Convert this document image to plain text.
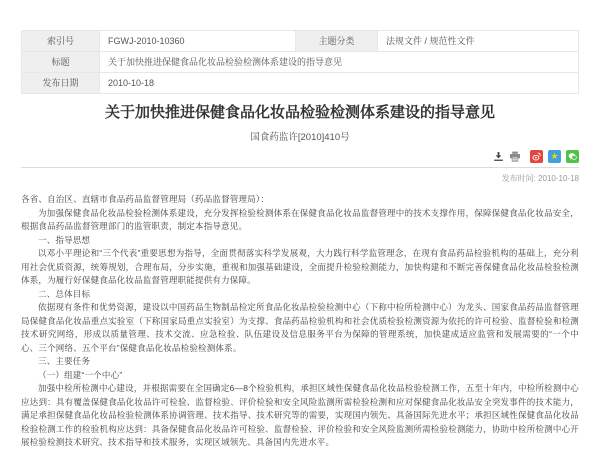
索引号	FGWJ-2010-10360	主题分类	法规文件 / 规范性文件
标题	关于加快推进保健食品化妆品检验检测体系建设的指导意见		
发布日期	2010-10-18		
关于加快推进保健食品化妆品检验检测体系建设的指导意见
国食药监许[2010]410号
★
发布时间: 2010-10-18

各省、自治区、直辖市食品药品监督管理局（药品监督管理局）：

为加强保健食品化妆品检验检测体系建设，充分发挥检验检测体系在保健食品化妆品监督管理中的技术支撑作用，保障保健食品化妆品安全，根据食品药品监督管理部门的监管职责，制定本指导意见。

一、指导思想

以邓小平理论和“三个代表”重要思想为指导，全面贯彻落实科学发展观，大力践行科学监管理念，在现有食品药品检验机构的基础上，充分利用社会优质资源，统筹规划，合理布局，分步实施，重视和加强基础建设，全面提升检验检测能力，加快构建和不断完善保健食品化妆品检验检测体系，为履行好保健食品化妆品监督管理职能提供有力保障。

二、总体目标

依据现有条件和优势资源，建设以中国药品生物制品检定所食品化妆品检验检测中心（下称中检所检测中心）为龙头、国家食品药品监督管理局保健食品化妆品重点实验室（下称国家局重点实验室）为支撑、食品药品检验机构和社会优质检验检测资源为依托的许可检验、监督检验和检测技术研究网络，形成以质量管理、技术交流、应急检验、队伍建设及信息服务平台为保障的管理系统，加快建成适应监管和发展需要的“一个中心、三个网络、五个平台”保健食品化妆品检验检测体系。

三、主要任务

（一）组建“一个中心”

加强中检所检测中心建设，并根据需要在全国确定6—8个检验机构，承担区域性保健食品化妆品检验检测工作，五至十年内，中检所检测中心应达到：具有覆盖保健食品化妆品许可检验、监督检验、评价检验和安全风险监测所需检验检测和应对保健食品化妆品安全突发事件的技术能力，满足承担保健食品化妆品检验检测体系协调管理、技术指导、技术研究等的需要，实现国内领先、具备国际先进水平；承担区域性保健食品化妆品检验检测工作的检验机构应达到：具备保健食品化妆品许可检验、监督检验、评价检验和安全风险监测所需检验检测能力，协助中检所检测中心开展检验检测技术研究、技术指导和技术服务，实现区域领先、具备国内先进水平。
